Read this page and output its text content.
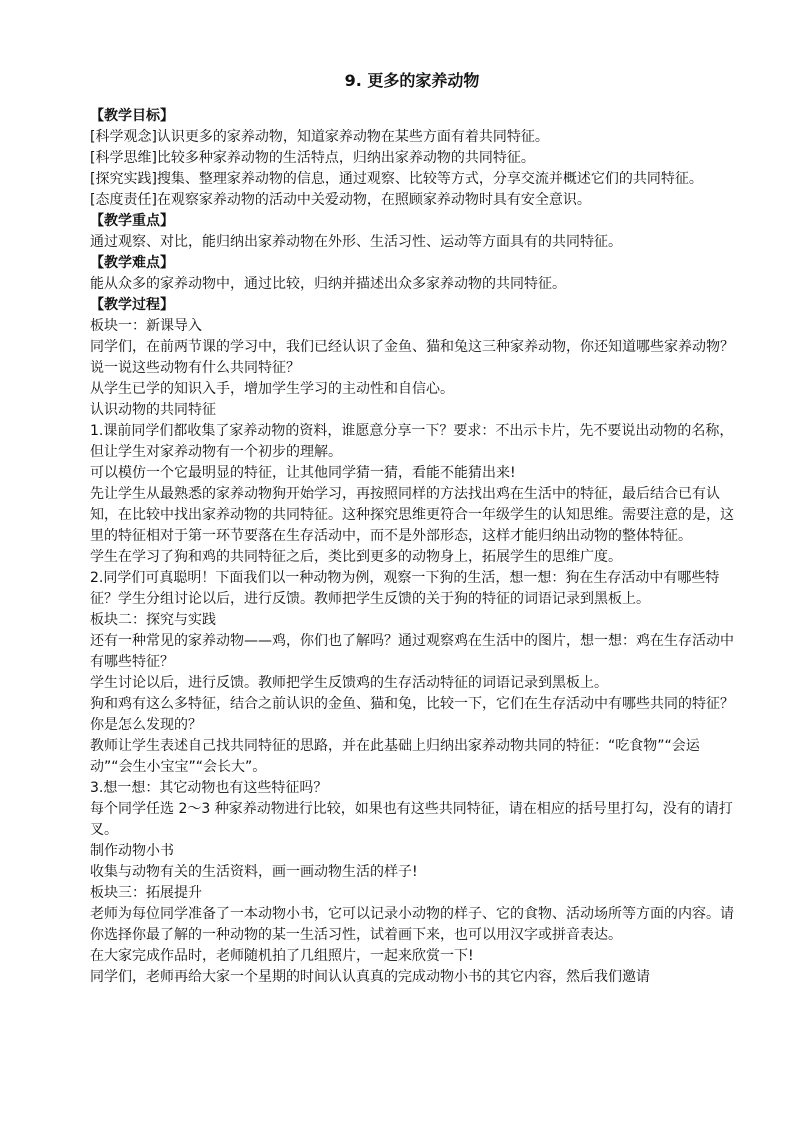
9. 更多的家养动物
【教学目标】
[科学观念]认识更多的家养动物，知道家养动物在某些方面有着共同特征。
[科学思维]比较多种家养动物的生活特点，归纳出家养动物的共同特征。
[探究实践]搜集、整理家养动物的信息，通过观察、比较等方式，分享交流并概述它们的共同特征。
[态度责任]在观察家养动物的活动中关爱动物，在照顾家养动物时具有安全意识。
【教学重点】
通过观察、对比，能归纳出家养动物在外形、生活习性、运动等方面具有的共同特征。
【教学难点】
能从众多的家养动物中，通过比较，归纳并描述出众多家养动物的共同特征。
【教学过程】
板块一：新课导入
同学们，在前两节课的学习中，我们已经认识了金鱼、猫和兔这三种家养动物，你还知道哪些家养动物？说一说这些动物有什么共同特征？
从学生已学的知识入手，增加学生学习的主动性和自信心。
认识动物的共同特征
1.课前同学们都收集了家养动物的资料，谁愿意分享一下？要求：不出示卡片，先不要说出动物的名称，但让学生对家养动物有一个初步的理解。
可以模仿一个它最明显的特征，让其他同学猜一猜，看能不能猜出来!
先让学生从最熟悉的家养动物狗开始学习，再按照同样的方法找出鸡在生活中的特征，最后结合已有认知，在比较中找出家养动物的共同特征。这种探究思维更符合一年级学生的认知思维。需要注意的是，这里的特征相对于第一环节要落在生存活动中，而不是外部形态，这样才能归纳出动物的整体特征。
学生在学习了狗和鸡的共同特征之后，类比到更多的动物身上，拓展学生的思维广度。
2.同学们可真聪明！下面我们以一种动物为例，观察一下狗的生活，想一想：狗在生存活动中有哪些特征？学生分组讨论以后，进行反馈。教师把学生反馈的关于狗的特征的词语记录到黑板上。
板块二：探究与实践
还有一种常见的家养动物——鸡，你们也了解吗？通过观察鸡在生活中的图片，想一想：鸡在生存活动中有哪些特征？
学生讨论以后，进行反馈。教师把学生反馈鸡的生存活动特征的词语记录到黑板上。
狗和鸡有这么多特征，结合之前认识的金鱼、猫和兔，比较一下，它们在生存活动中有哪些共同的特征？你是怎么发现的？
教师让学生表述自己找共同特征的思路，并在此基础上归纳出家养动物共同的特征：“吃食物”“会运动”“会生小宝宝”“会长大”。
3.想一想：其它动物也有这些特征吗？
每个同学任选 2～3 种家养动物进行比较，如果也有这些共同特征，请在相应的括号里打勾，没有的请打叉。
制作动物小书
收集与动物有关的生活资料，画一画动物生活的样子!
板块三：拓展提升
老师为每位同学准备了一本动物小书，它可以记录小动物的样子、它的食物、活动场所等方面的内容。请你选择你最了解的一种动物的某一生活习性，试着画下来，也可以用汉字或拼音表达。
在大家完成作品时，老师随机拍了几组照片，一起来欣赏一下!
同学们，老师再给大家一个星期的时间认认真真的完成动物小书的其它内容，然后我们邀请
